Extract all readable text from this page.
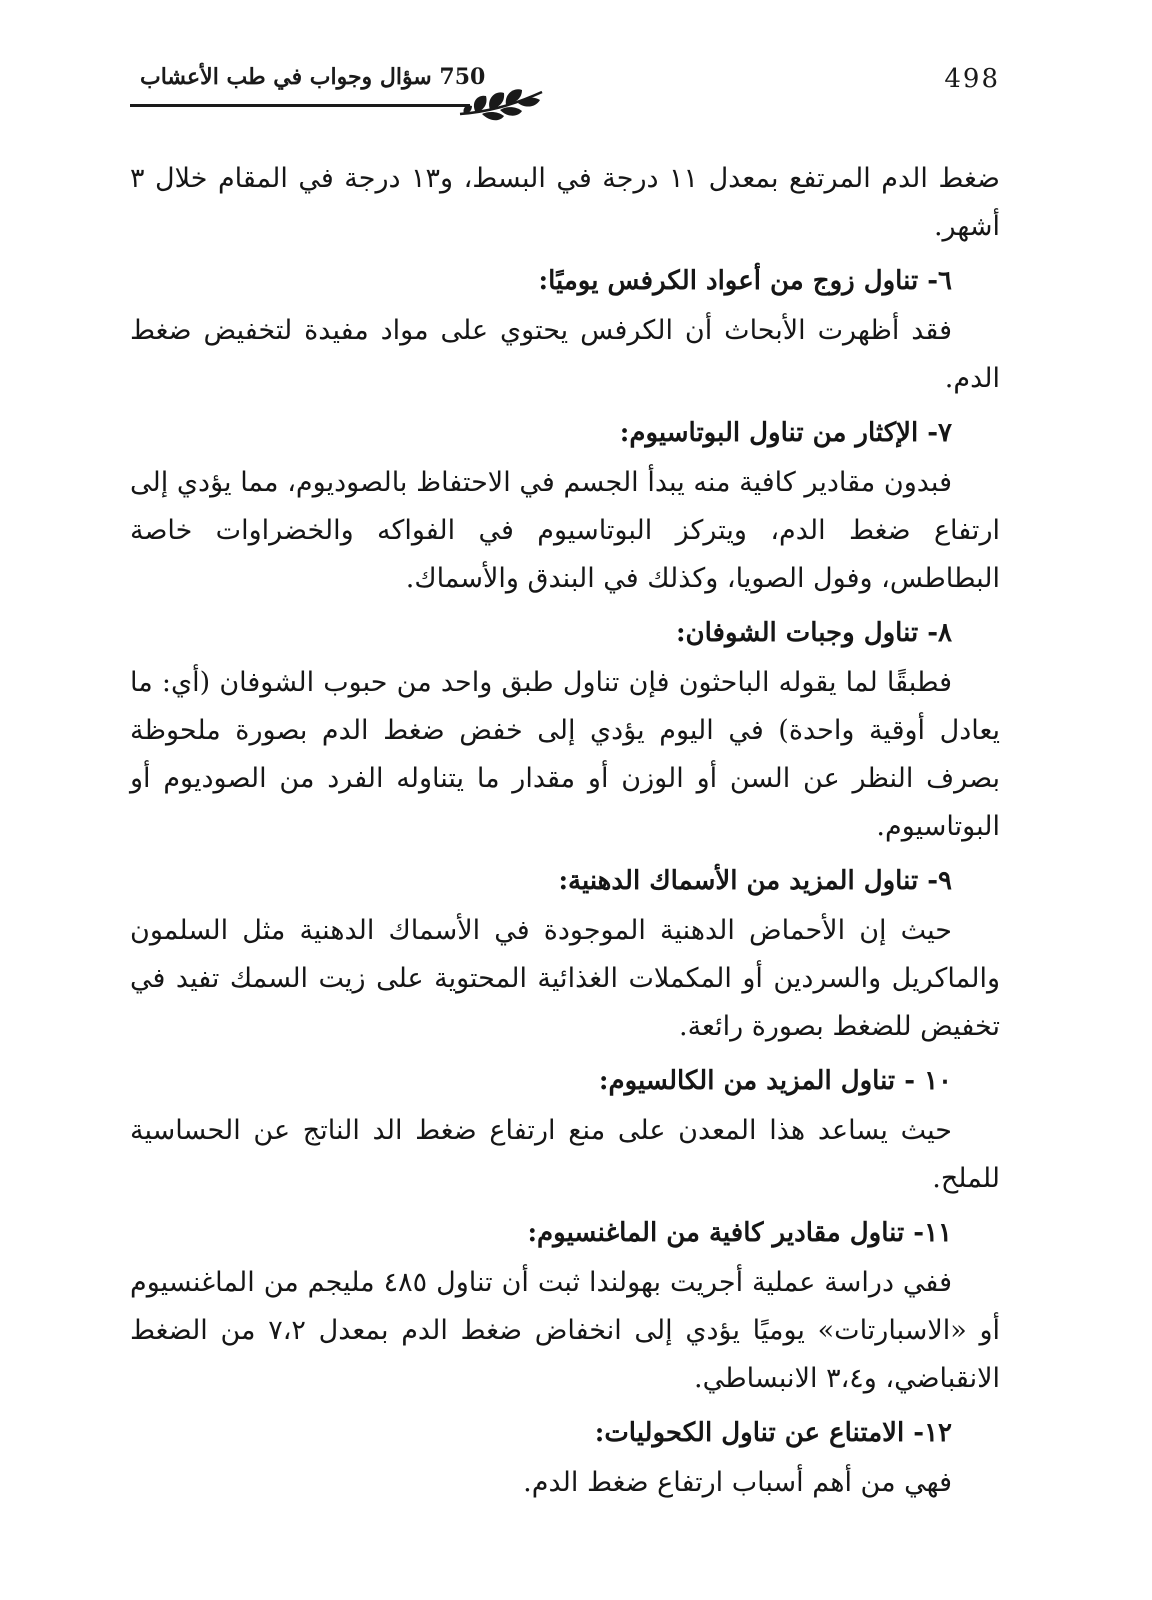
498
750 سؤال وجواب في طب الأعشاب

ضغط الدم المرتفع بمعدل ١١ درجة في البسط، و١٣ درجة في المقام خلال ٣ أشهر.

٦- تناول زوج من أعواد الكرفس يوميًا:

فقد أظهرت الأبحاث أن الكرفس يحتوي على مواد مفيدة لتخفيض ضغط الدم.

٧- الإكثار من تناول البوتاسيوم:

فبدون مقادير كافية منه يبدأ الجسم في الاحتفاظ بالصوديوم، مما يؤدي إلى ارتفاع ضغط الدم، ويتركز البوتاسيوم في الفواكه والخضراوات خاصة البطاطس، وفول الصويا، وكذلك في البندق والأسماك.

٨- تناول وجبات الشوفان:

فطبقًا لما يقوله الباحثون فإن تناول طبق واحد من حبوب الشوفان (أي: ما يعادل أوقية واحدة) في اليوم يؤدي إلى خفض ضغط الدم بصورة ملحوظة بصرف النظر عن السن أو الوزن أو مقدار ما يتناوله الفرد من الصوديوم أو البوتاسيوم.

٩- تناول المزيد من الأسماك الدهنية:

حيث إن الأحماض الدهنية الموجودة في الأسماك الدهنية مثل السلمون والماكريل والسردين أو المكملات الغذائية المحتوية على زيت السمك تفيد في تخفيض للضغط بصورة رائعة.

١٠ - تناول المزيد من الكالسيوم:

حيث يساعد هذا المعدن على منع ارتفاع ضغط الد الناتج عن الحساسية للملح.

١١- تناول مقادير كافية من الماغنسيوم:

ففي دراسة عملية أجريت بهولندا ثبت أن تناول ٤٨٥ مليجم من الماغنسيوم أو «الاسبارتات» يوميًا يؤدي إلى انخفاض ضغط الدم بمعدل ٧،٢ من الضغط الانقباضي، و٣،٤ الانبساطي.

١٢- الامتناع عن تناول الكحوليات:

فهي من أهم أسباب ارتفاع ضغط الدم.
